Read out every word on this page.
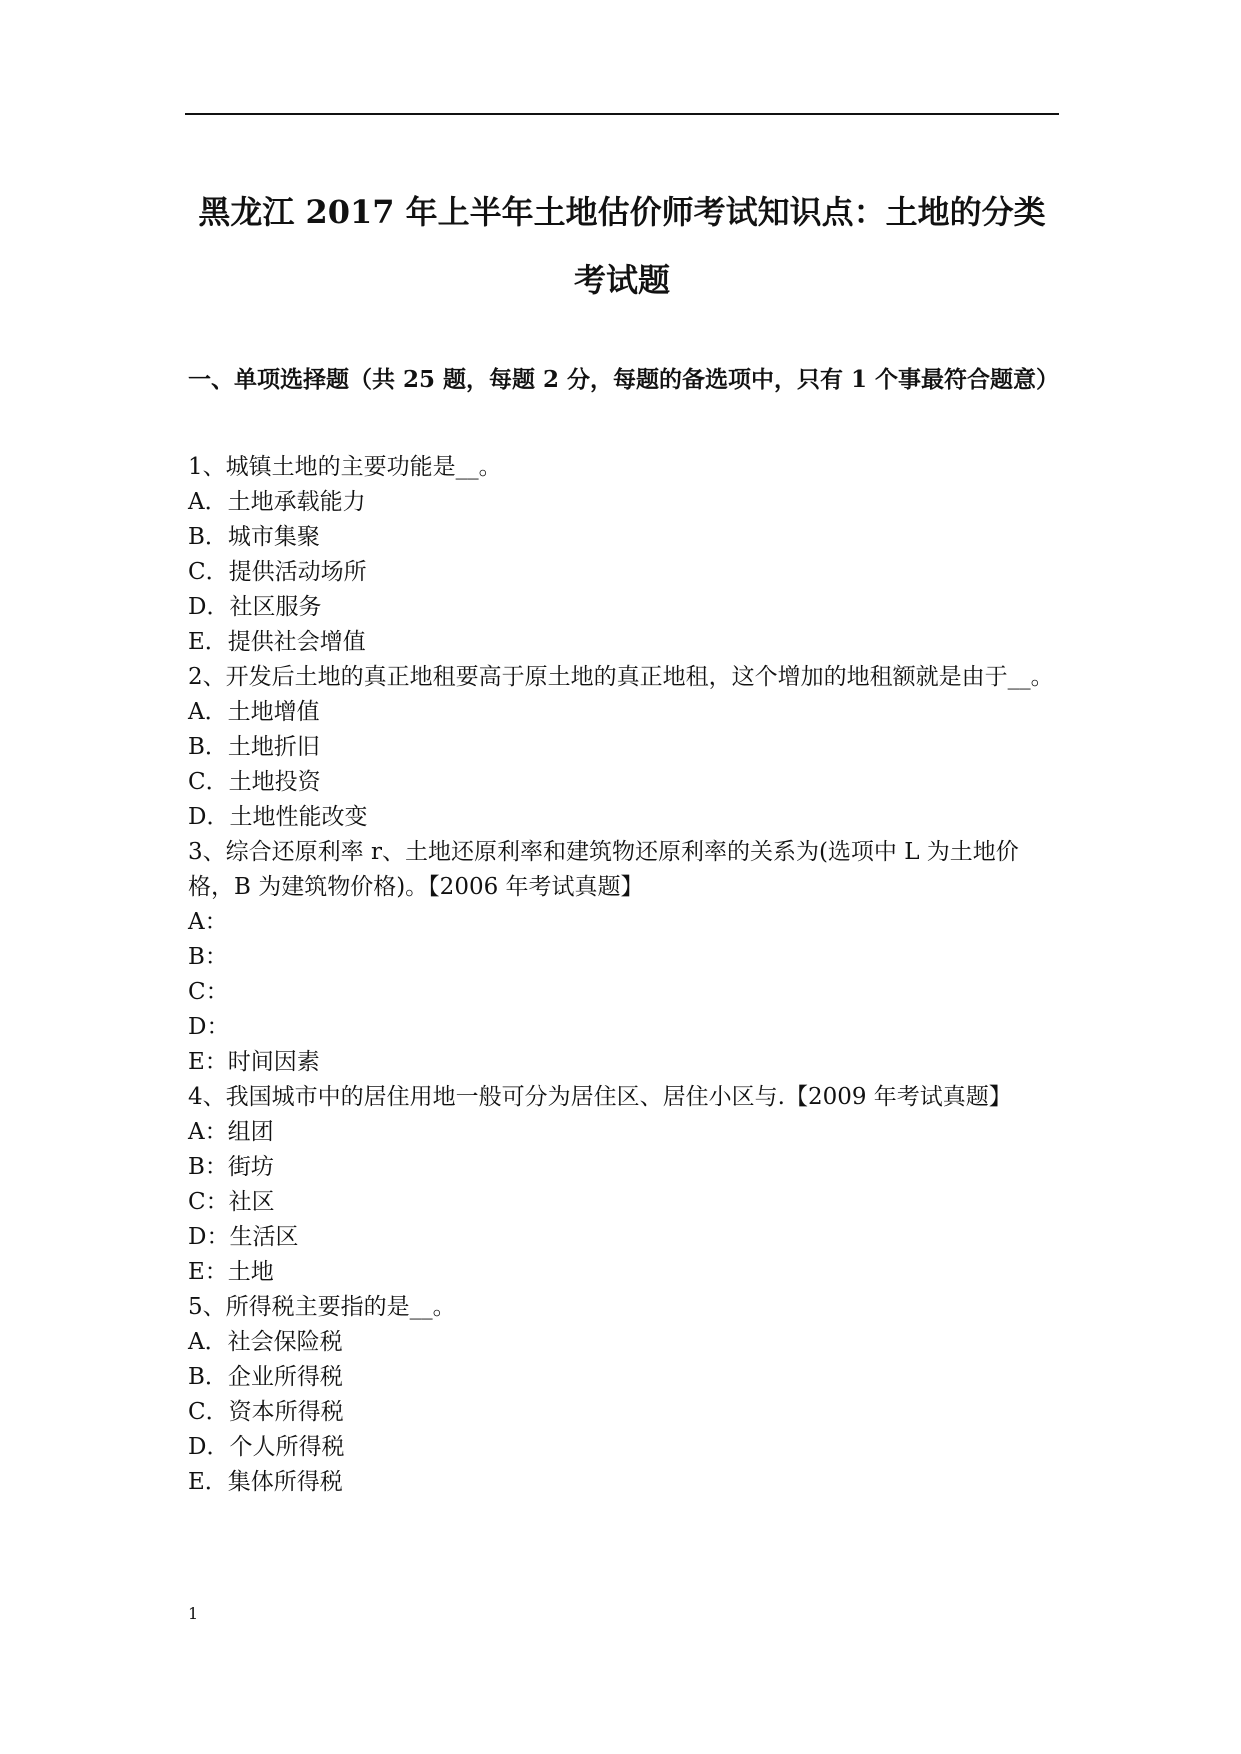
黑龙江 2017 年上半年土地估价师考试知识点：土地的分类
考试题
一、单项选择题（共 25 题，每题 2 分，每题的备选项中，只有 1 个事最符合题意）
1、城镇土地的主要功能是__。
A．土地承载能力
B．城市集聚
C．提供活动场所
D．社区服务
E．提供社会增值
2、开发后土地的真正地租要高于原土地的真正地租，这个增加的地租额就是由于__。
A．土地增值
B．土地折旧
C．土地投资
D．土地性能改变
3、综合还原利率 r、土地还原利率和建筑物还原利率的关系为(选项中 L 为土地价格，B 为建筑物价格)。【2006 年考试真题】
A：
B：
C：
D：
E：时间因素
4、我国城市中的居住用地一般可分为居住区、居住小区与.【2009 年考试真题】
A：组团
B：街坊
C：社区
D：生活区
E：土地
5、所得税主要指的是__。
A．社会保险税
B．企业所得税
C．资本所得税
D．个人所得税
E．集体所得税
1
